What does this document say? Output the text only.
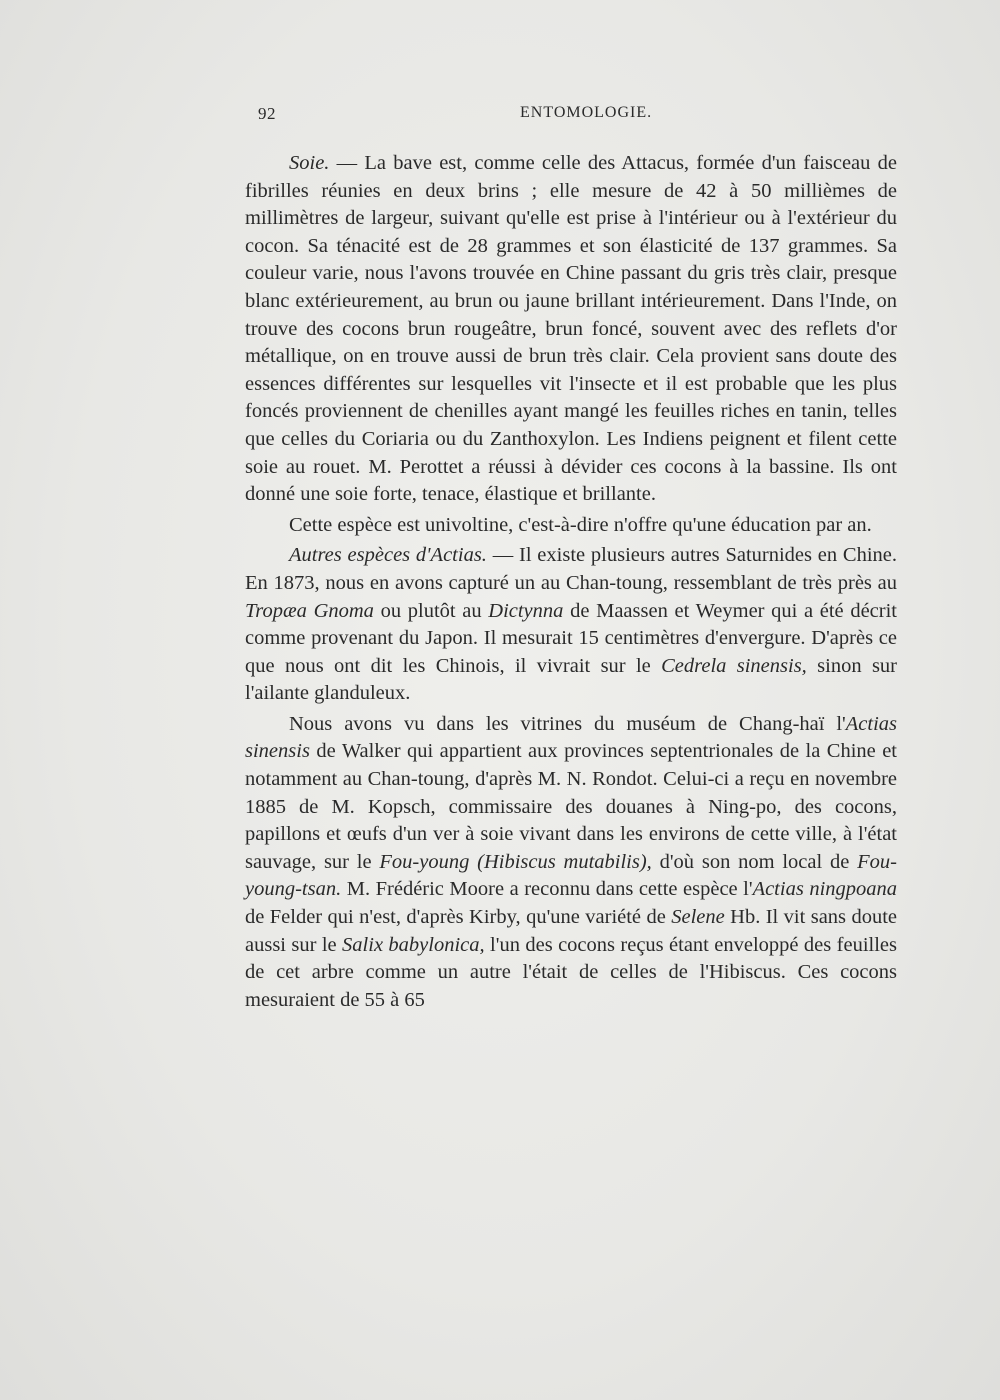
92	ENTOMOLOGIE.

Soie. — La bave est, comme celle des Attacus, formée d'un faisceau de fibrilles réunies en deux brins ; elle mesure de 42 à 50 millièmes de millimètres de largeur, suivant qu'elle est prise à l'intérieur ou à l'extérieur du cocon. Sa ténacité est de 28 grammes et son élasticité de 137 grammes. Sa couleur varie, nous l'avons trouvée en Chine passant du gris très clair, presque blanc extérieurement, au brun ou jaune brillant intérieurement. Dans l'Inde, on trouve des cocons brun rougeâtre, brun foncé, souvent avec des reflets d'or métallique, on en trouve aussi de brun très clair. Cela provient sans doute des essences différentes sur lesquelles vit l'insecte et il est probable que les plus foncés proviennent de chenilles ayant mangé les feuilles riches en tanin, telles que celles du Coriaria ou du Zanthoxylon. Les Indiens peignent et filent cette soie au rouet. M. Perottet a réussi à dévider ces cocons à la bassine. Ils ont donné une soie forte, tenace, élastique et brillante.

Cette espèce est univoltine, c'est-à-dire n'offre qu'une éducation par an.

Autres espèces d'Actias. — Il existe plusieurs autres Saturnides en Chine. En 1873, nous en avons capturé un au Chan-toung, ressemblant de très près au Tropæa Gnoma ou plutôt au Dictynna de Maassen et Weymer qui a été décrit comme provenant du Japon. Il mesurait 15 centimètres d'envergure. D'après ce que nous ont dit les Chinois, il vivrait sur le Cedrela sinensis, sinon sur l'ailante glanduleux.

Nous avons vu dans les vitrines du muséum de Chang-haï l'Actias sinensis de Walker qui appartient aux provinces septentrionales de la Chine et notamment au Chan-toung, d'après M. N. Rondot. Celui-ci a reçu en novembre 1885 de M. Kopsch, commissaire des douanes à Ning-po, des cocons, papillons et œufs d'un ver à soie vivant dans les environs de cette ville, à l'état sauvage, sur le Fou-young (Hibiscus mutabilis), d'où son nom local de Fou-young-tsan. M. Frédéric Moore a reconnu dans cette espèce l'Actias ningpoana de Felder qui n'est, d'après Kirby, qu'une variété de Selene Hb. Il vit sans doute aussi sur le Salix babylonica, l'un des cocons reçus étant enveloppé des feuilles de cet arbre comme un autre l'était de celles de l'Hibiscus. Ces cocons mesuraient de 55 à 65
